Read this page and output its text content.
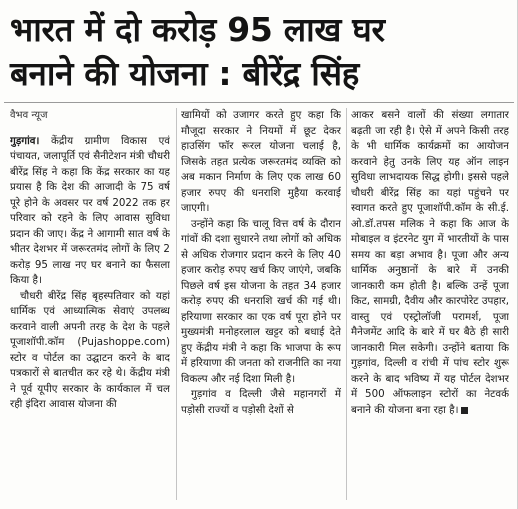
भारत में दो करोड़ 95 लाख घर
बनाने की योजना : बीरेंद्र सिंह

वैभव न्यूज

गुड़गांव। केंद्रीय ग्रामीण विकास एवं पंचायत, जलापूर्ति एवं सैनीटेशन मंत्री चौधरी बीरेंद्र सिंह ने कहा कि केंद्र सरकार का यह प्रयास है कि देश की आजादी के 75 वर्ष पूरे होने के अवसर पर वर्ष 2022 तक हर परिवार को रहने के लिए आवास सुविधा प्रदान की जाए। केंद्र ने आगामी सात वर्ष के भीतर देशभर में जरूरतमंद लोगों के लिए 2 करोड़ 95 लाख नए घर बनाने का फैसला किया है।

चौधरी बीरेंद्र सिंह बृहस्पतिवार को यहां धार्मिक एवं आध्यात्मिक सेवाएं उपलब्ध करवाने वाली अपनी तरह के देश के पहले पूजाशॉपी.कॉम (Pujashoppe.com) स्टोर व पोर्टल का उद्घाटन करने के बाद पत्रकारों से बातचीत कर रहे थे। केंद्रीय मंत्री ने पूर्व यूपीए सरकार के कार्यकाल में चल रही इंदिरा आवास योजना की

खामियों को उजागर करते हुए कहा कि मौजूदा सरकार ने नियमों में छूट देकर हाउसिंग फॉर रूरल योजना चलाई है, जिसके तहत प्रत्येक जरूरतमंद व्यक्ति को अब मकान निर्माण के लिए एक लाख 60 हजार रुपए की धनराशि मुहैया करवाई जाएगी।

उन्होंने कहा कि चालू वित्त वर्ष के दौरान गांवों की दशा सुधारने तथा लोगों को अधिक से अधिक रोजगार प्रदान करने के लिए 40 हजार करोड़ रुपए खर्च किए जाएंगे, जबकि पिछले वर्ष इस योजना के तहत 34 हजार करोड़ रुपए की धनराशि खर्च की गई थी। हरियाणा सरकार का एक वर्ष पूरा होने पर मुख्यमंत्री मनोहरलाल खट्टर को बधाई देते हुए केंद्रीय मंत्री ने कहा कि भाजपा के रूप में हरियाणा की जनता को राजनीति का नया विकल्प और नई दिशा मिली है।

गुड़गांव व दिल्ली जैसे महानगरों में पड़ोसी राज्यों व पड़ोसी देशों से

आकर बसने वालों की संख्या लगातार बढ़ती जा रही है। ऐसे में अपने किसी तरह के भी धार्मिक कार्यक्रमों का आयोजन करवाने हेतु उनके लिए यह ऑन लाइन सुविधा लाभदायक सिद्ध होगी। इससे पहले चौधरी बीरेंद्र सिंह का यहां पहुंचने पर स्वागत करते हुए पूजाशॉपी.कॉम के सी.ई. ओ.डॉ.तपस मलिक ने कहा कि आज के मोबाइल व इंटरनेट युग में भारतीयों के पास समय का बड़ा अभाव है। पूजा और अन्य धार्मिक अनुष्ठानों के बारे में उनकी जानकारी कम होती है। बल्कि उन्हें पूजा किट, सामग्री, दैवीय और कारपोरेट उपहार, वास्तु एवं एस्ट्रोलॉजी परामर्श, पूजा मैनेजमेंट आदि के बारे में घर बैठे ही सारी जानकारी मिल सकेगी। उन्होंने बताया कि गुड़गांव, दिल्ली व रांची में पांच स्टोर शुरू करने के बाद भविष्य में यह पोर्टल देशभर में 500 ऑफलाइन स्टोरों का नेटवर्क बनाने की योजना बना रहा है।
